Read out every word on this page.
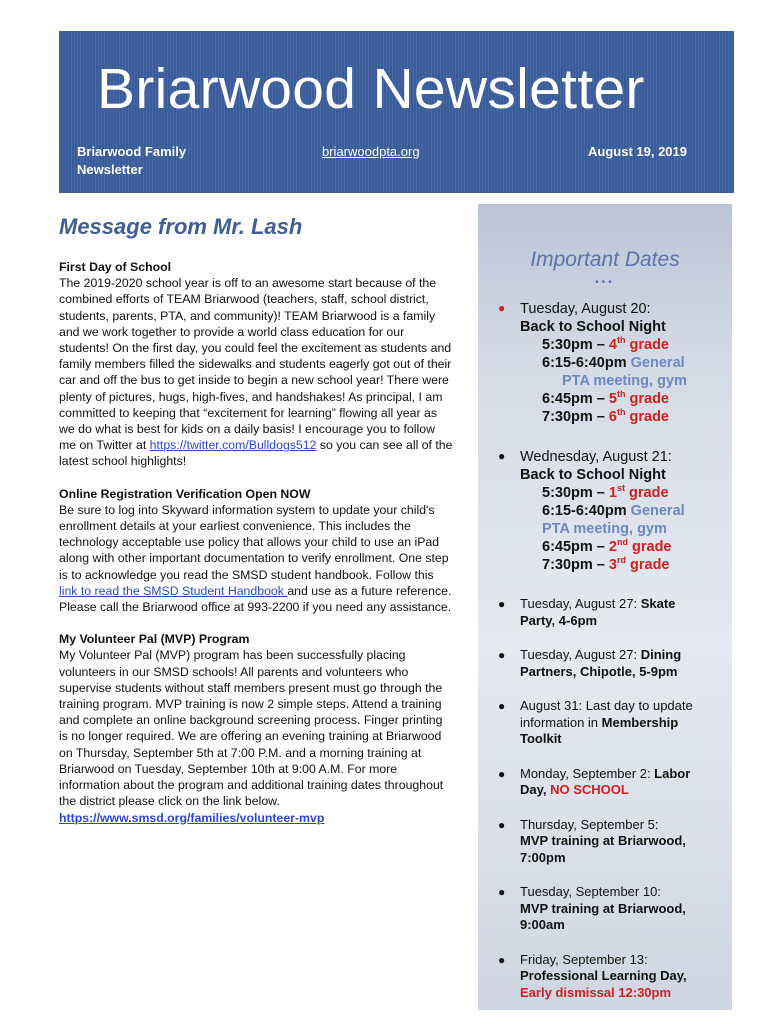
Briarwood Newsletter
Briarwood Family Newsletter
briarwoodpta.org	August 19, 2019
Message from Mr. Lash
First Day of School

The 2019-2020 school year is off to an awesome start because of the combined efforts of TEAM Briarwood (teachers, staff, school district, students, parents, PTA, and community)! TEAM Briarwood is a family and we work together to provide a world class education for our students! On the first day, you could feel the excitement as students and family members filled the sidewalks and students eagerly got out of their car and off the bus to get inside to begin a new school year! There were plenty of pictures, hugs, high-fives, and handshakes! As principal, I am committed to keeping that “excitement for learning” flowing all year as we do what is best for kids on a daily basis! I encourage you to follow me on Twitter at https://twitter.com/Bulldogs512 so you can see all of the latest school highlights!

Online Registration Verification Open NOW

Be sure to log into Skyward information system to update your child's enrollment details at your earliest convenience. This includes the technology acceptable use policy that allows your child to use an iPad along with other important documentation to verify enrollment. One step is to acknowledge you read the SMSD student handbook. Follow this link to read the SMSD Student Handbook and use as a future reference. Please call the Briarwood office at 993-2200 if you need any assistance.

My Volunteer Pal (MVP) Program

My Volunteer Pal (MVP) program has been successfully placing volunteers in our SMSD schools! All parents and volunteers who supervise students without staff members present must go through the training program. MVP training is now 2 simple steps. Attend a training and complete an online background screening process. Finger printing is no longer required. We are offering an evening training at Briarwood on Thursday, September 5th at 7:00 P.M. and a morning training at Briarwood on Tuesday, September 10th at 9:00 A.M. For more information about the program and additional training dates throughout the district please click on the link below.

https://www.smsd.org/families/volunteer-mvp
Important Dates
•••
● Tuesday, August 20:
Back to School Night
5:30pm – 4th grade
6:15-6:40pm General
PTA meeting, gym
6:45pm – 5th grade
7:30pm – 6th grade
● Wednesday, August 21:
Back to School Night
5:30pm – 1st grade
6:15-6:40pm General
PTA meeting, gym
6:45pm – 2nd grade
7:30pm – 3rd grade
● Tuesday, August 27: Skate Party, 4-6pm
● Tuesday, August 27: Dining Partners, Chipotle, 5-9pm
● August 31: Last day to update information in Membership Toolkit
● Monday, September 2: Labor Day, NO SCHOOL
● Thursday, September 5:
MVP training at Briarwood, 7:00pm
● Tuesday, September 10:
MVP training at Briarwood, 9:00am
● Friday, September 13:
Professional Learning Day,
Early dismissal 12:30pm
